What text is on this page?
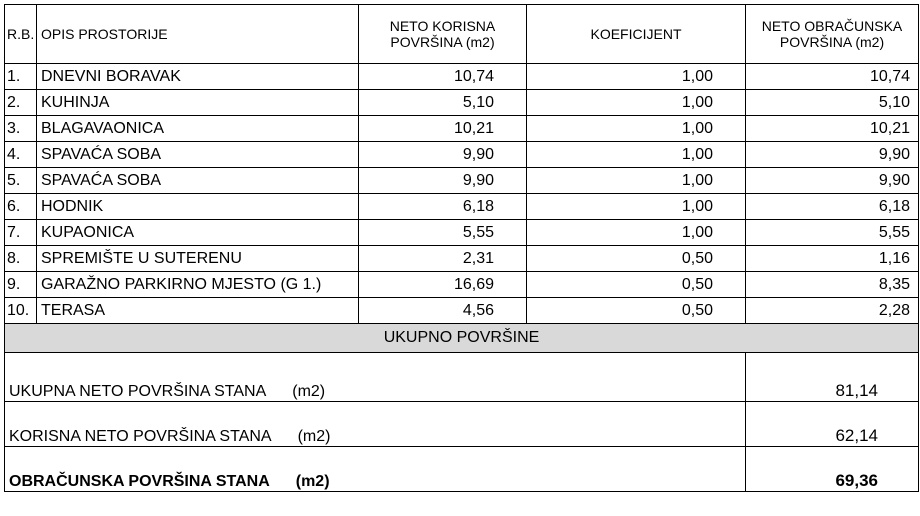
R.B.	OPIS PROSTORIJE	NETO KORISNA POVRŠINA (m2)	KOEFICIJENT	NETO OBRAČUNSKA POVRŠINA (m2)
1.	DNEVNI BORAVAK	10,74	1,00	10,74
2.	KUHINJA	5,10	1,00	5,10
3.	BLAGAVAONICA	10,21	1,00	10,21
4.	SPAVAĆA SOBA	9,90	1,00	9,90
5.	SPAVAĆA SOBA	9,90	1,00	9,90
6.	HODNIK	6,18	1,00	6,18
7.	KUPAONICA	5,55	1,00	5,55
8.	SPREMIŠTE U SUTERENU	2,31	0,50	1,16
9.	GARAŽNO PARKIRNO MJESTO (G 1.)	16,69	0,50	8,35
10.	TERASA	4,56	0,50	2,28
UKUPNO POVRŠINE				
UKUPNA NETO POVRŠINA STANA (m2)				81,14
KORISNA NETO POVRŠINA STANA (m2)				62,14
OBRAČUNSKA POVRŠINA STANA (m2)				69,36
